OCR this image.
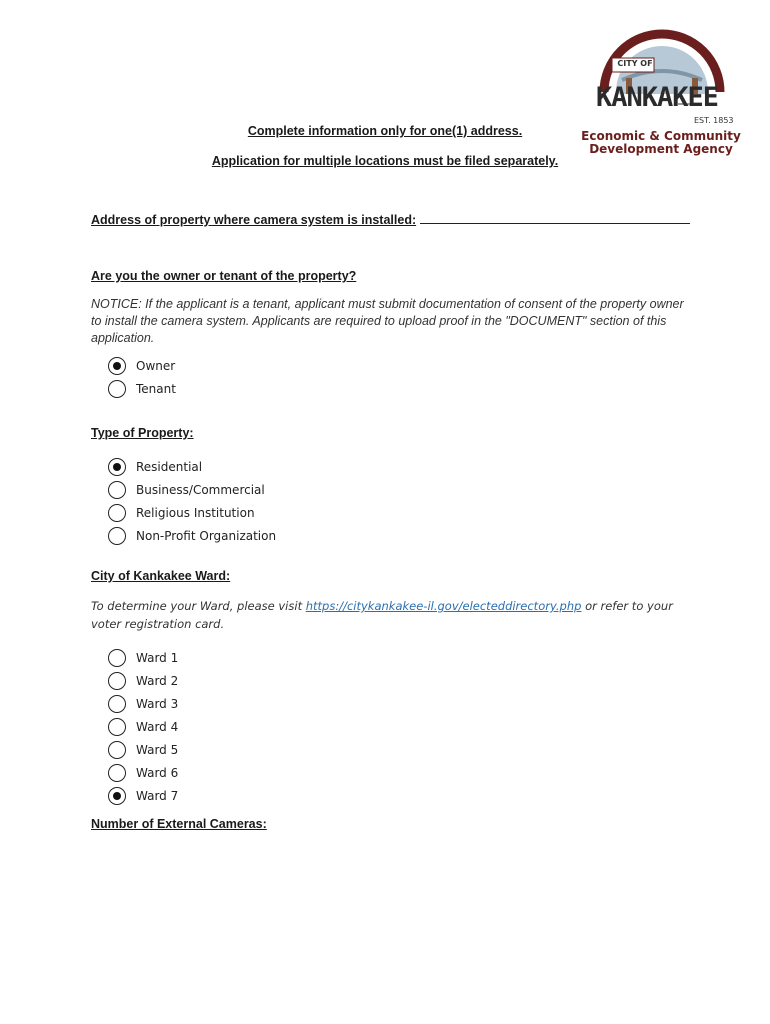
CITY OF
KANKAKEE
EST. 1853
Economic & Community
Development Agency
Complete information only for one(1) address.
Application for multiple locations must be filed separately.
Address of property where camera system is installed:
Are you the owner or tenant of the property?
NOTICE: If the applicant is a tenant, applicant must submit documentation of consent of the property owner to install the camera system. Applicants are required to upload proof in the "DOCUMENT" section of this application.
Owner
Tenant
Type of Property:
Residential
Business/Commercial
Religious Institution
Non-Profit Organization
City of Kankakee Ward:
To determine your Ward, please visit https://citykankakee-il.gov/electeddirectory.php or refer to your voter registration card.
Ward 1
Ward 2
Ward 3
Ward 4
Ward 5
Ward 6
Ward 7
Number of External Cameras:
